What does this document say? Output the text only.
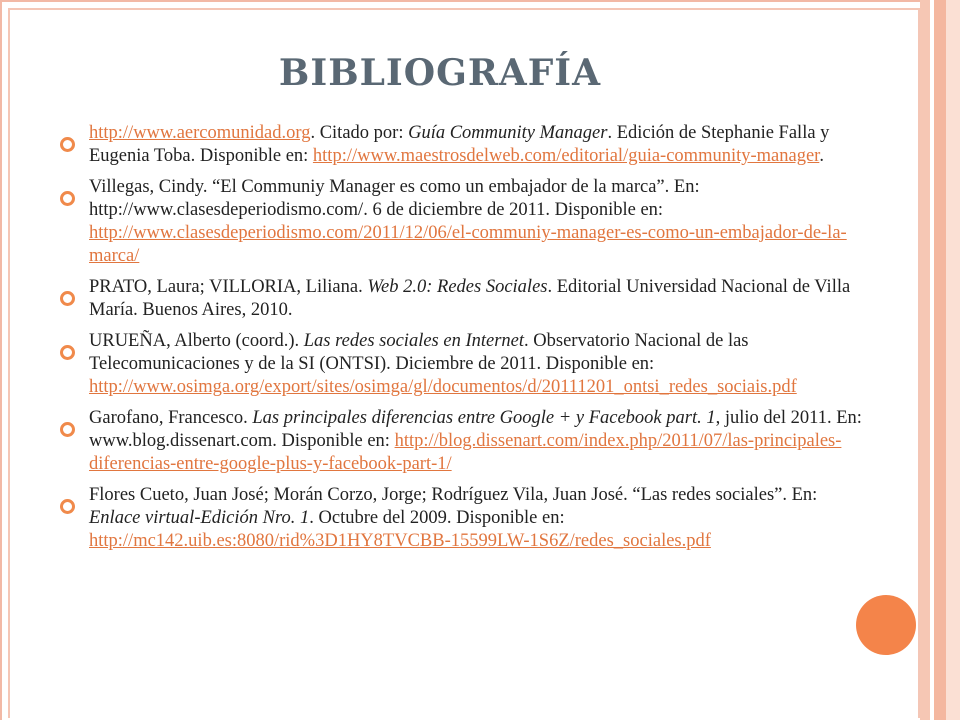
BIBLIOGRAFÍA
http://www.aercomunidad.org. Citado por: Guía Community Manager. Edición de Stephanie Falla y Eugenia Toba. Disponible en: http://www.maestrosdelweb.com/editorial/guia-community-manager.
Villegas, Cindy. “El Communiy Manager es como un embajador de la marca”. En: http://www.clasesdeperiodismo.com/. 6 de diciembre de 2011. Disponible en: http://www.clasesdeperiodismo.com/2011/12/06/el-communiy-manager-es-como-un-embajador-de-la-marca/
PRATO, Laura; VILLORIA, Liliana. Web 2.0: Redes Sociales. Editorial Universidad Nacional de Villa María. Buenos Aires, 2010.
URUEÑA, Alberto (coord.). Las redes sociales en Internet. Observatorio Nacional de las Telecomunicaciones y de la SI (ONTSI). Diciembre de 2011. Disponible en: http://www.osimga.org/export/sites/osimga/gl/documentos/d/20111201_ontsi_redes_sociais.pdf
Garofano, Francesco. Las principales diferencias entre Google + y Facebook part. 1, julio del 2011. En: www.blog.dissenart.com. Disponible en: http://blog.dissenart.com/index.php/2011/07/las-principales-diferencias-entre-google-plus-y-facebook-part-1/
Flores Cueto, Juan José; Morán Corzo, Jorge; Rodríguez Vila, Juan José. “Las redes sociales”. En: Enlace virtual-Edición Nro. 1. Octubre del 2009. Disponible en: http://mc142.uib.es:8080/rid%3D1HY8TVCBB-15599LW-1S6Z/redes_sociales.pdf
